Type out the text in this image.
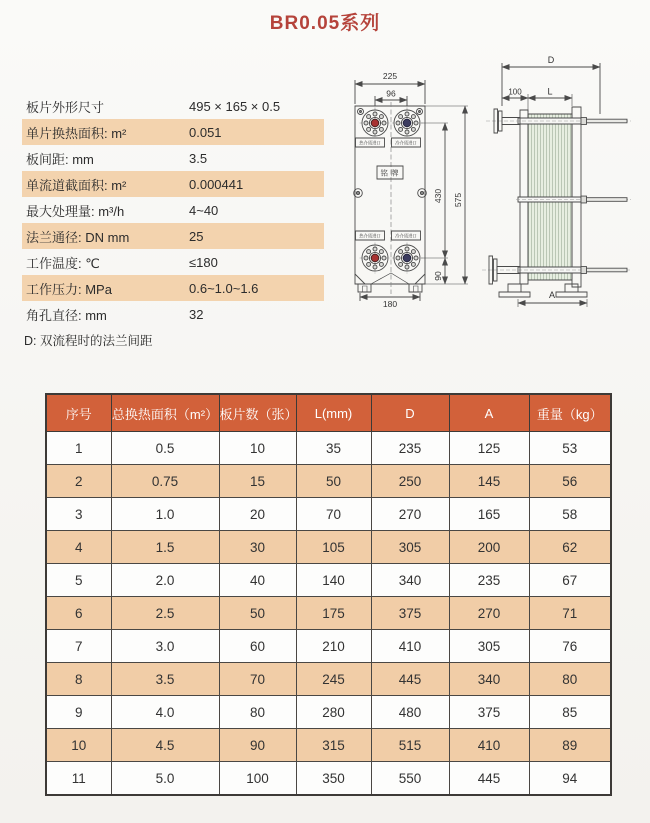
BR0.05系列
板片外形尺寸	495 × 165 × 0.5
单片换热面积: m²	0.051
板间距: mm	3.5
单流道截面积: m²	0.000441
最大处理量: m³/h	4~40
法兰通径: DN mm	25
工作温度: ℃	≤180
工作压力: MPa	0.6~1.0~1.6
角孔直径: mm	32
D: 双流程时的法兰间距
225
96
热介质进口	冷介质进口
铭牌
热介质进口	冷介质进口
180
430
90
575
D
100	L
A
序号	总换热面积（m²）	板片数（张）	L(mm)	D	A	重量（kg）
1	0.5	10	35	235	125	53
2	0.75	15	50	250	145	56
3	1.0	20	70	270	165	58
4	1.5	30	105	305	200	62
5	2.0	40	140	340	235	67
6	2.5	50	175	375	270	71
7	3.0	60	210	410	305	76
8	3.5	70	245	445	340	80
9	4.0	80	280	480	375	85
10	4.5	90	315	515	410	89
11	5.0	100	350	550	445	94
